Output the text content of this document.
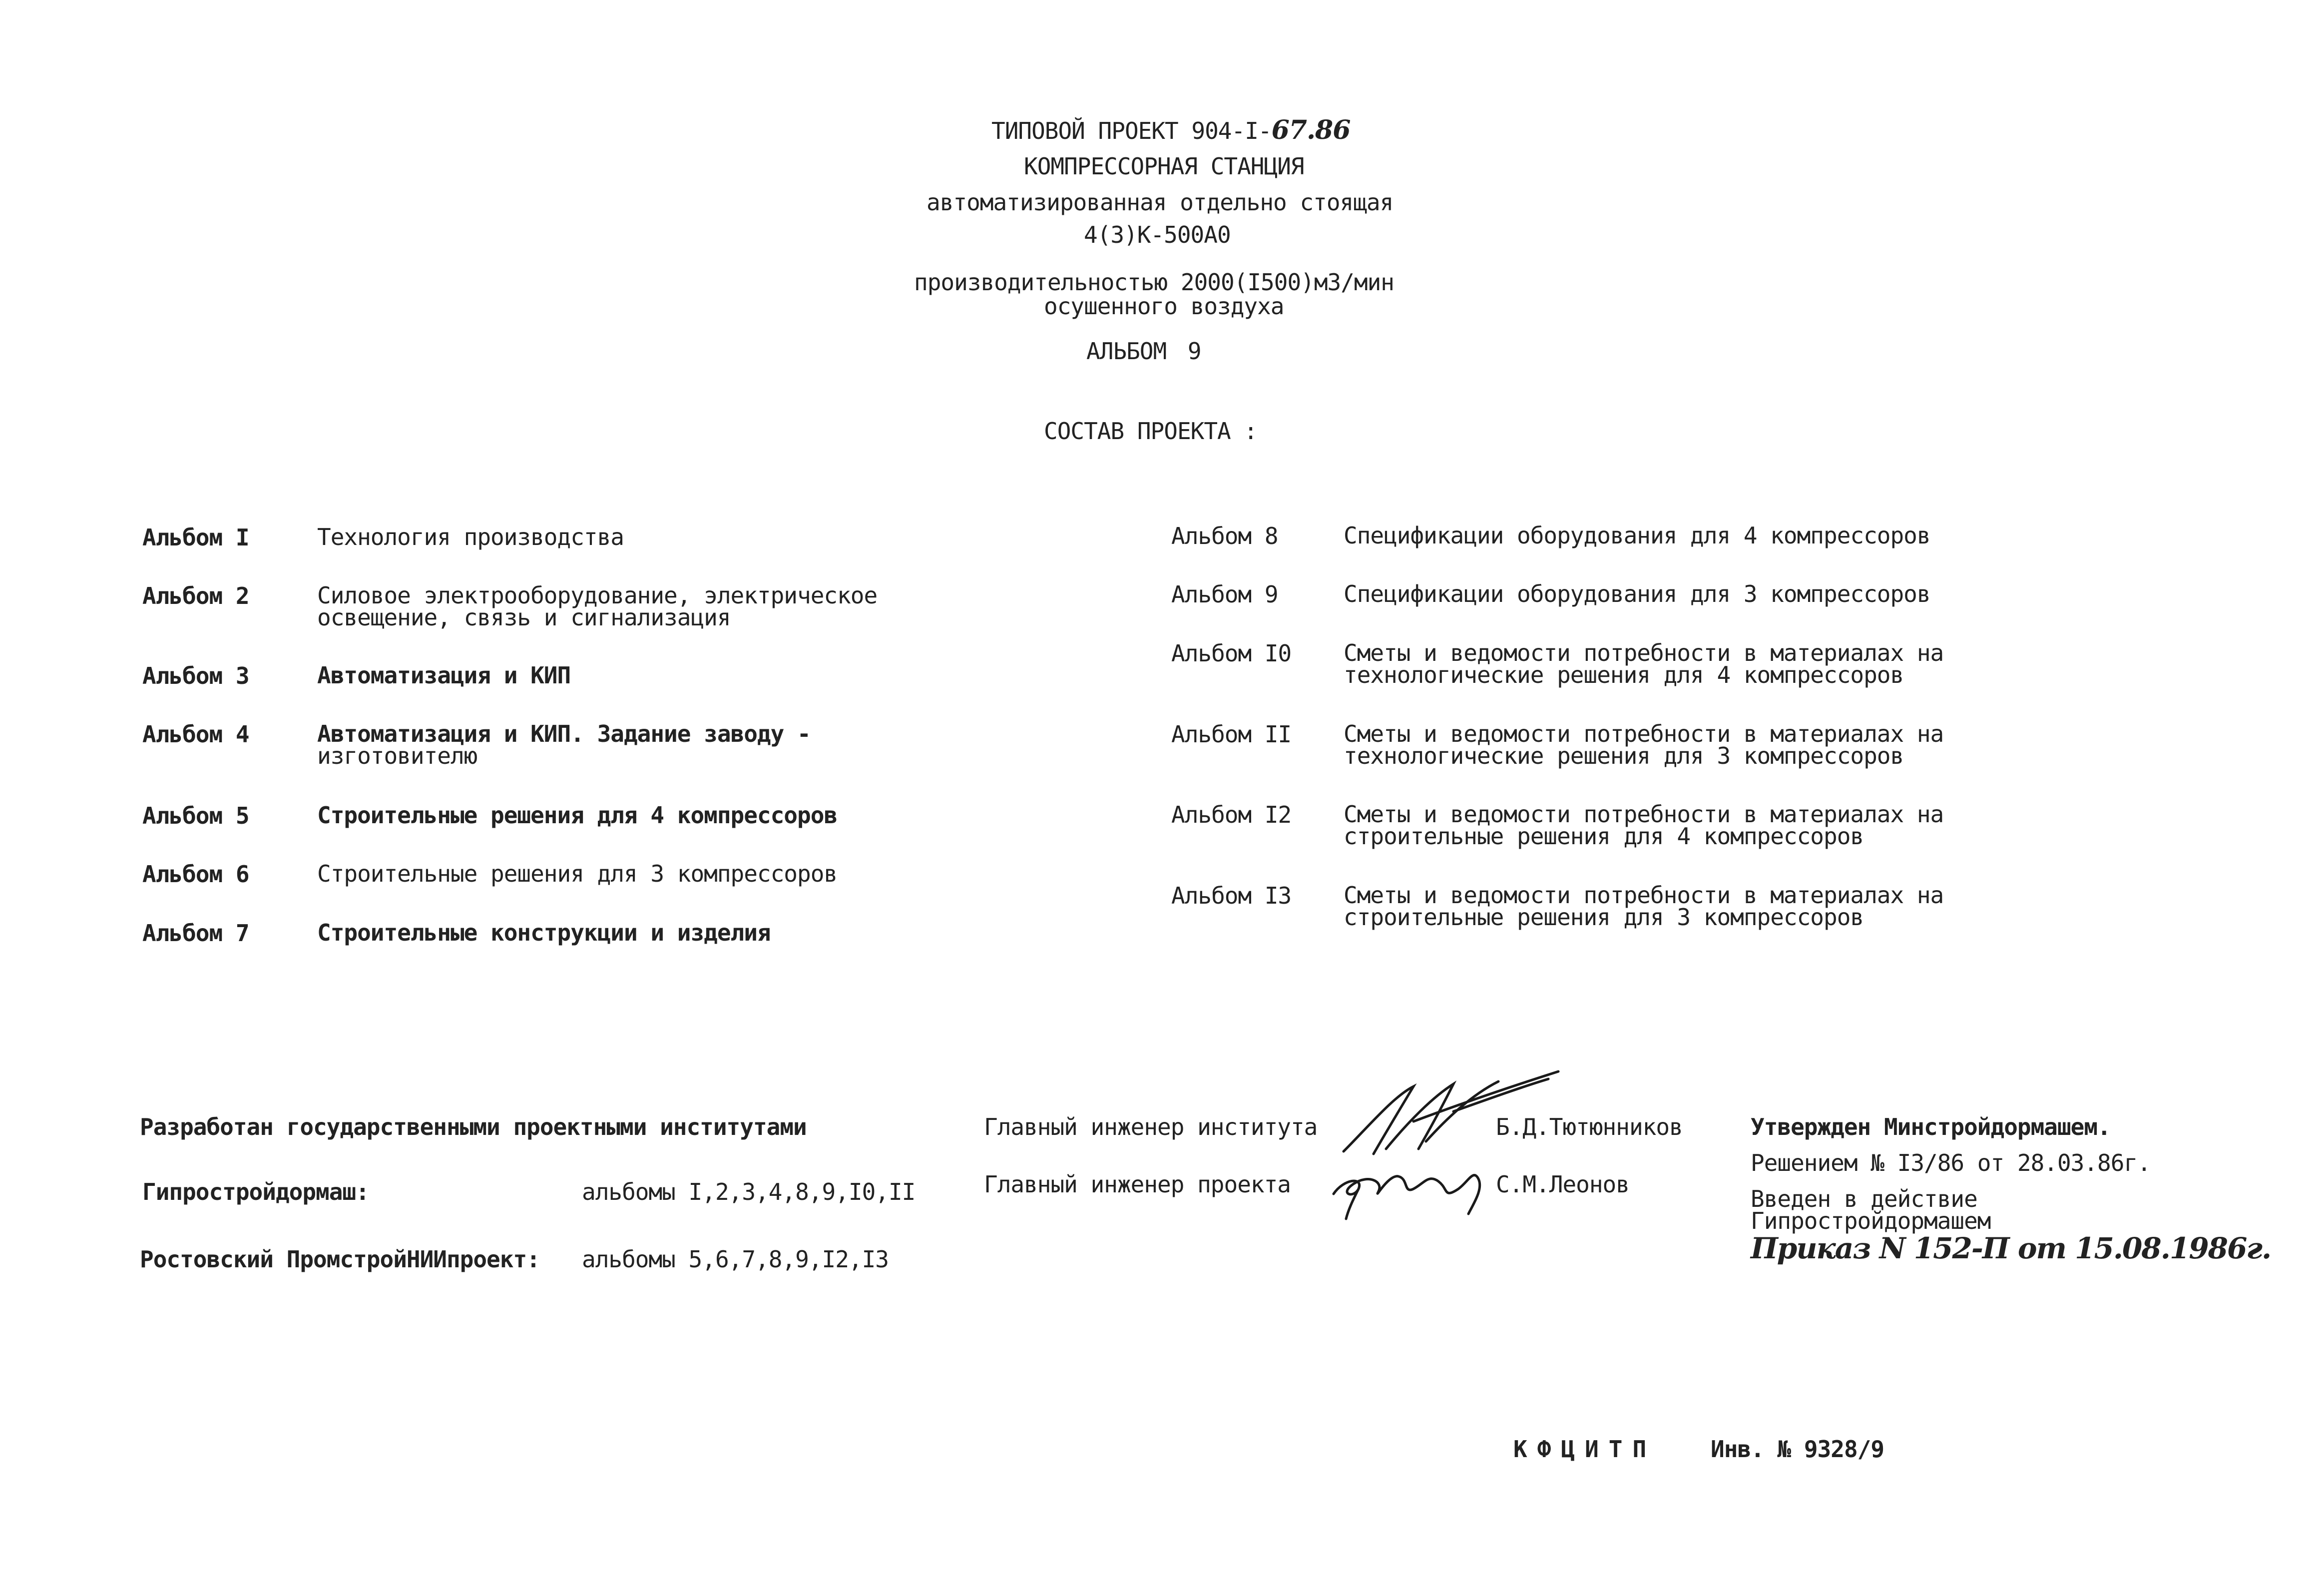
ТИПОВОЙ ПРОЕКТ 904-I-67.86
КОМПРЕССОРНАЯ СТАНЦИЯ
автоматизированная отдельно стоящая
4(3)К-500А0
производительностью 2000(I500)м3/мин
осушенного воздуха
АЛЬБОМ 9
СОСТАВ ПРОЕКТА :
Альбом I	Технология производства
Альбом 2	Силовое электрооборудование, электрическое
освещение, связь и сигнализация
Альбом 3	Автоматизация и КИП
Альбом 4	Автоматизация и КИП. Задание заводу -
изготовителю
Альбом 5	Строительные решения для 4 компрессоров
Альбом 6	Строительные решения для 3 компрессоров
Альбом 7	Строительные конструкции и изделия
Альбом 8	Спецификации оборудования для 4 компрессоров
Альбом 9	Спецификации оборудования для 3 компрессоров
Альбом I0 Сметы и ведомости потребности в материалах на
технологические решения для 4 компрессоров
Альбом II Сметы и ведомости потребности в материалах на
технологические решения для 3 компрессоров
Альбом I2 Сметы и ведомости потребности в материалах на
строительные решения для 4 компрессоров
Альбом I3 Сметы и ведомости потребности в материалах на
строительные решения для 3 компрессоров
Разработан государственными проектными институтами
Гипростройдормаш:	альбомы I,2,3,4,8,9,I0,II
Ростовский ПромстройНИИпроект: альбомы 5,6,7,8,9,I2,I3
Главный инженер института	Б.Д.Тютюнников
Главный инженер проекта	С.М.Леонов
Утвержден Минстройдормашем.
Решением № I3/86 от 28.03.86г.
Введен в действие
Гипростройдормашем
Приказ N 152-П от 15.08.1986г.
КФЦИТП Инв. № 9328/9
